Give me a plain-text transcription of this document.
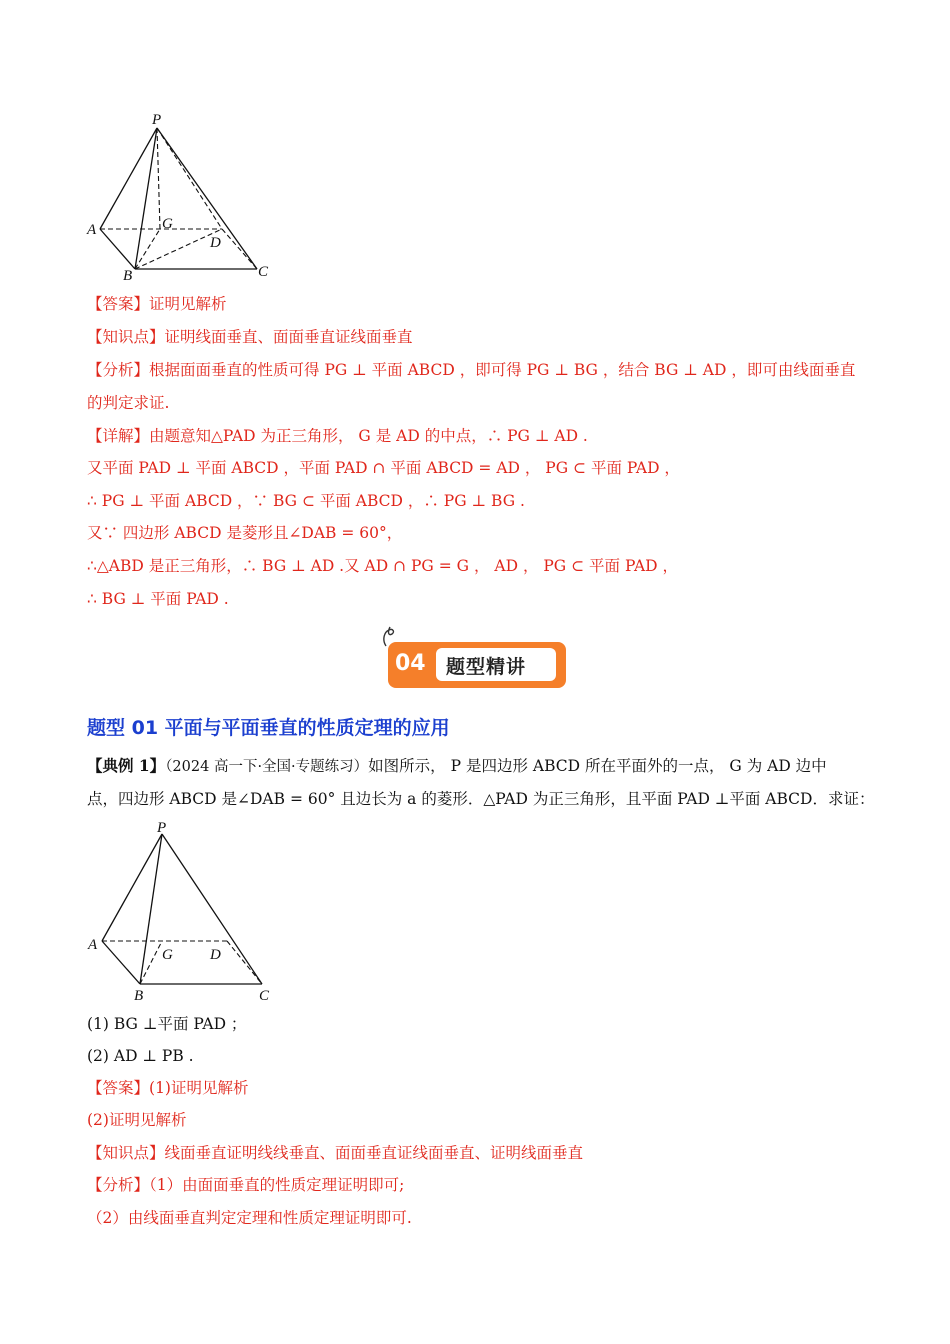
P
A	G
D
B	C
【答案】证明见解析
【知识点】证明线面垂直、面面垂直证线面垂直
【分析】根据面面垂直的性质可得 PG ⊥ 平面 ABCD ，即可得 PG ⊥ BG ，结合 BG ⊥ AD ，即可由线面垂直
的判定求证.
【详解】由题意知△PAD 为正三角形， G 是 AD 的中点，∴ PG ⊥ AD .
又平面 PAD ⊥ 平面 ABCD ，平面 PAD ∩ 平面 ABCD = AD ， PG ⊂ 平面 PAD ，
∴ PG ⊥ 平面 ABCD ，∵ BG ⊂ 平面 ABCD ，∴ PG ⊥ BG .
又∵ 四边形 ABCD 是菱形且∠DAB = 60°，
∴△ABD 是正三角形，∴ BG ⊥ AD .又 AD ∩ PG = G ， AD ， PG ⊂ 平面 PAD ，
∴ BG ⊥ 平面 PAD .
04 题型精讲
题型 01 平面与平面垂直的性质定理的应用
【典例 1】（2024 高一下·全国·专题练习）如图所示， P 是四边形 ABCD 所在平面外的一点， G 为 AD 边中
点，四边形 ABCD 是∠DAB = 60° 且边长为 a 的菱形．△PAD 为正三角形，且平面 PAD ⊥平面 ABCD．求证：
P
A
G D
B	C
(1) BG ⊥平面 PAD ；
(2) AD ⊥ PB .
【答案】(1)证明见解析
(2)证明见解析
【知识点】线面垂直证明线线垂直、面面垂直证线面垂直、证明线面垂直
【分析】（1）由面面垂直的性质定理证明即可;
（2）由线面垂直判定定理和性质定理证明即可.
